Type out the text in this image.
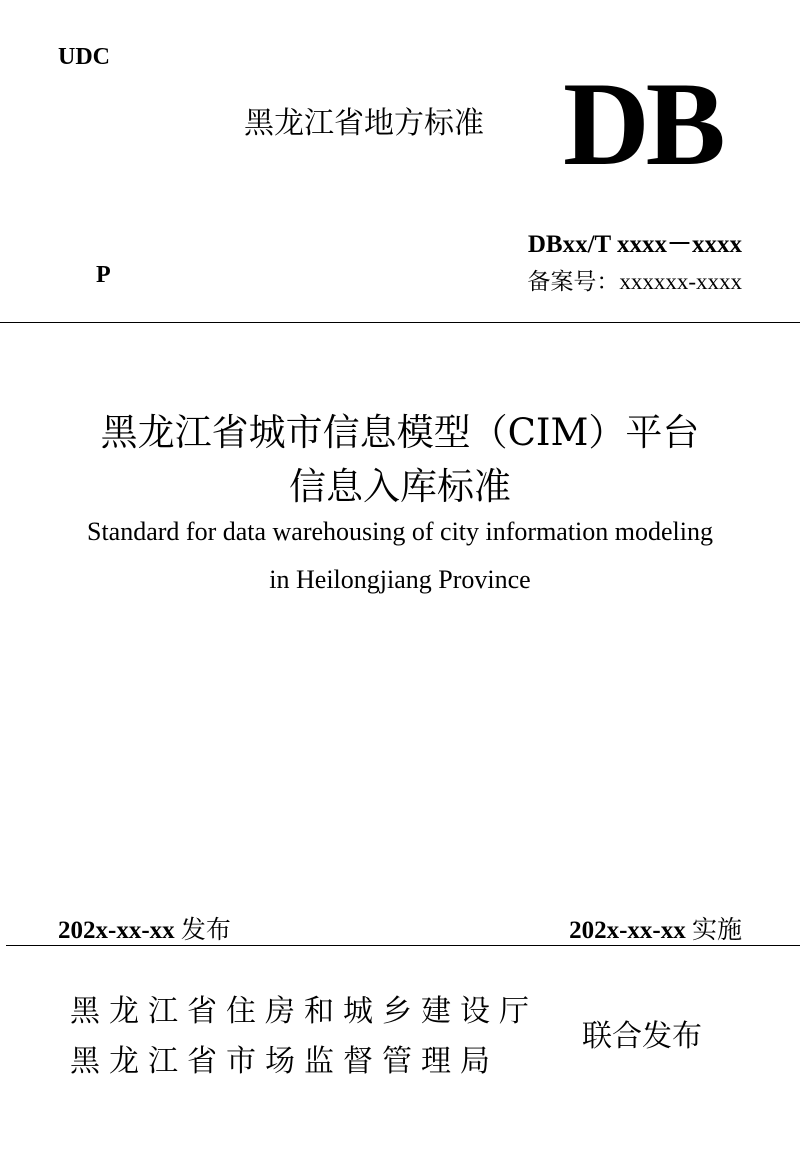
UDC
黑龙江省地方标准 DB
DBxx/T xxxx－xxxx
备案号：xxxxxx-xxxx
P
黑龙江省城市信息模型（CIM）平台
信息入库标准
Standard for data warehousing of city information modeling
in Heilongjiang Province
202x-xx-xx 发布	202x-xx-xx 实施
黑龙江省住房和城乡建设厅
黑龙江省市场监督管理局
联合发布
